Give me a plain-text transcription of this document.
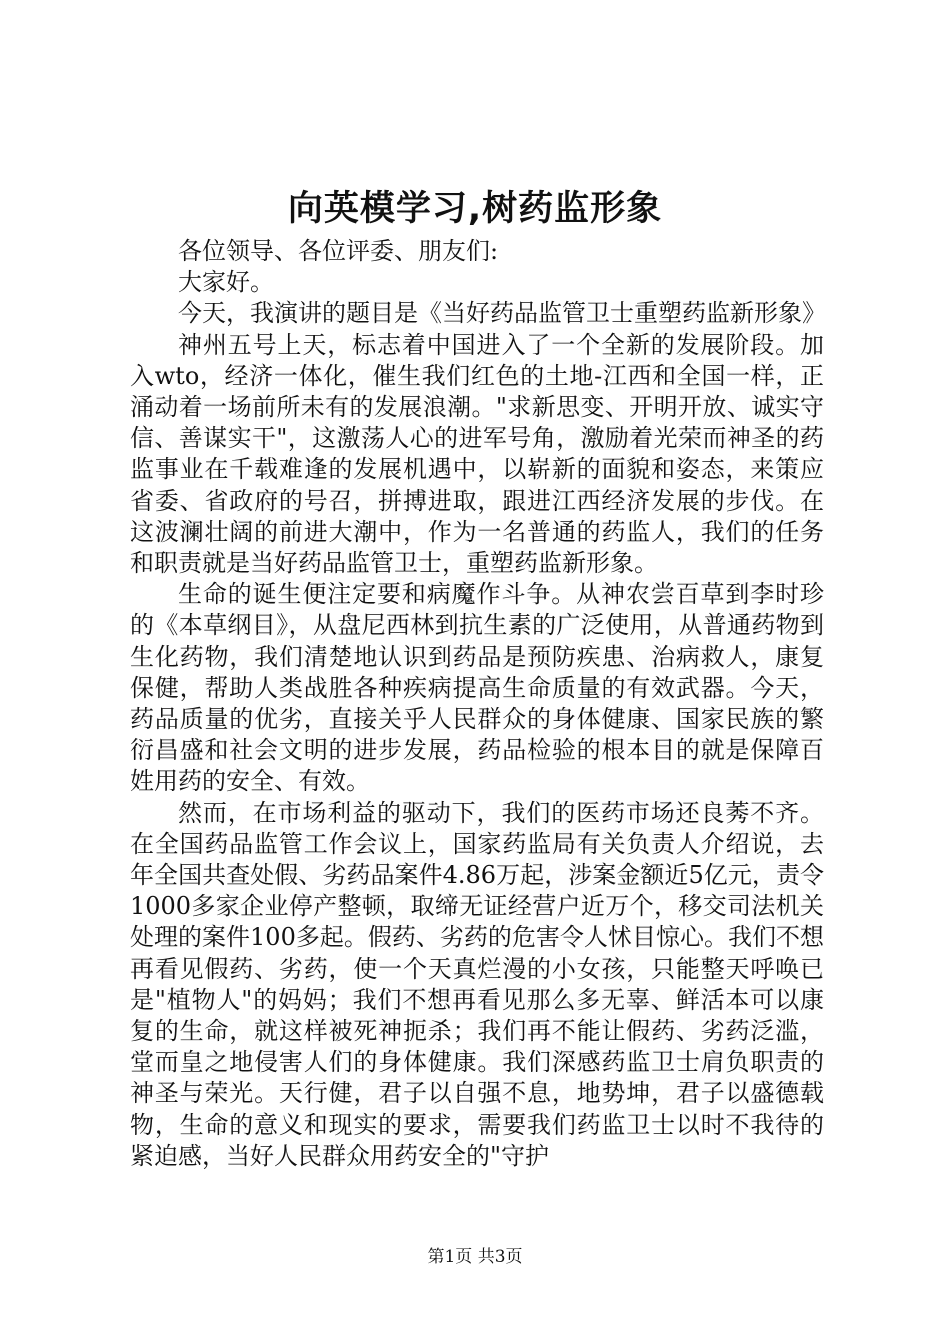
向英模学习,树药监形象

各位领导、各位评委、朋友们:

大家好。

今天，我演讲的题目是《当好药品监管卫士重塑药监新形象》

神州五号上天，标志着中国进入了一个全新的发展阶段。加入wto，经济一体化，催生我们红色的土地-江西和全国一样，正涌动着一场前所未有的发展浪潮。"求新思变、开明开放、诚实守信、善谋实干"，这激荡人心的进军号角，激励着光荣而神圣的药监事业在千载难逢的发展机遇中，以崭新的面貌和姿态，来策应省委、省政府的号召，拼搏进取，跟进江西经济发展的步伐。在这波澜壮阔的前进大潮中，作为一名普通的药监人，我们的任务和职责就是当好药品监管卫士，重塑药监新形象。

生命的诞生便注定要和病魔作斗争。从神农尝百草到李时珍的《本草纲目》，从盘尼西林到抗生素的广泛使用，从普通药物到生化药物，我们清楚地认识到药品是预防疾患、治病救人，康复保健，帮助人类战胜各种疾病提高生命质量的有效武器。今天，药品质量的优劣，直接关乎人民群众的身体健康、国家民族的繁衍昌盛和社会文明的进步发展，药品检验的根本目的就是保障百姓用药的安全、有效。

然而，在市场利益的驱动下，我们的医药市场还良莠不齐。在全国药品监管工作会议上，国家药监局有关负责人介绍说，去年全国共查处假、劣药品案件4.86万起，涉案金额近5亿元，责令1000多家企业停产整顿，取缔无证经营户近万个，移交司法机关处理的案件100多起。假药、劣药的危害令人怵目惊心。我们不想再看见假药、劣药，使一个天真烂漫的小女孩，只能整天呼唤已是"植物人"的妈妈；我们不想再看见那么多无辜、鲜活本可以康复的生命，就这样被死神扼杀；我们再不能让假药、劣药泛滥，堂而皇之地侵害人们的身体健康。我们深感药监卫士肩负职责的神圣与荣光。天行健，君子以自强不息，地势坤，君子以盛德载物，生命的意义和现实的要求，需要我们药监卫士以时不我待的紧迫感，当好人民群众用药安全的"守护

第1页 共3页
